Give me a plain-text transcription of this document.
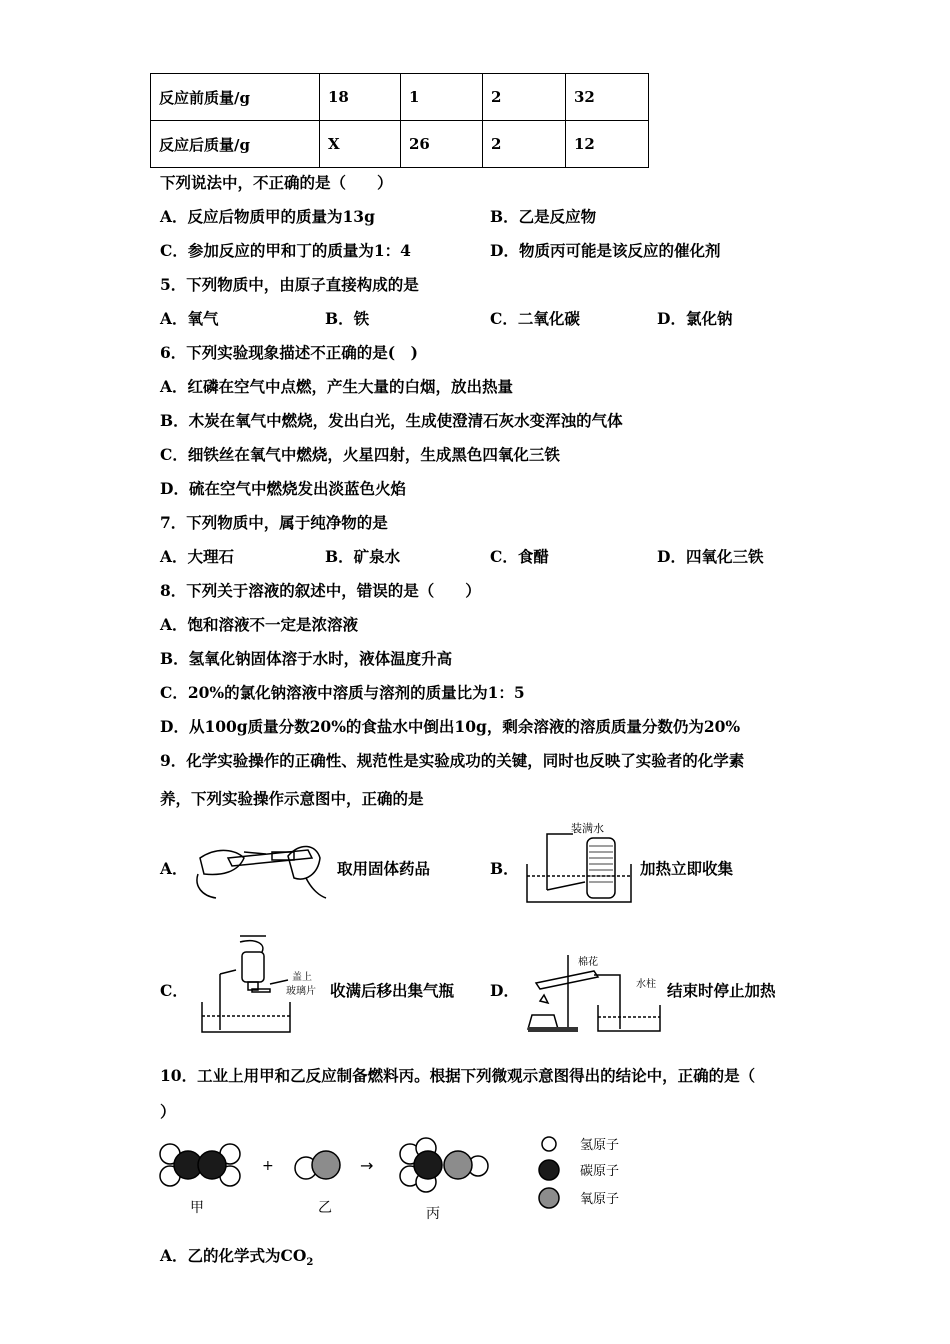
反应前质量/g	18	1	2	32
反应后质量/g	X	26	2	12
下列说法中，不正确的是（　　）
A．反应后物质甲的质量为13g	B．乙是反应物
C．参加反应的甲和丁的质量为1：4	D．物质丙可能是该反应的催化剂
5．下列物质中，由原子直接构成的是
A．氧气	B．铁	C．二氧化碳	D．氯化钠
6．下列实验现象描述不正确的是(　)
A．红磷在空气中点燃，产生大量的白烟，放出热量
B．木炭在氧气中燃烧，发出白光，生成使澄清石灰水变浑浊的气体
C．细铁丝在氧气中燃烧，火星四射，生成黑色四氧化三铁
D．硫在空气中燃烧发出淡蓝色火焰
7．下列物质中，属于纯净物的是
A．大理石	B．矿泉水	C．食醋	D．四氧化三铁
8．下列关于溶液的叙述中，错误的是（　　）
A．饱和溶液不一定是浓溶液
B．氢氧化钠固体溶于水时，液体温度升高
C．20%的氯化钠溶液中溶质与溶剂的质量比为1：5
D．从100g质量分数20%的食盐水中倒出10g，剩余溶液的溶质质量分数仍为20%
9．化学实验操作的正确性、规范性是实验成功的关键，同时也反映了实验者的化学素
养，下列实验操作示意图中，正确的是
A．	取用固体药品	B．
装满水
加热立即收集
C．
盖上
玻璃片 收满后移出集气瓶 D．
棉花
水柱 结束时停止加热
10．工业上用甲和乙反应制备燃料丙。根据下列微观示意图得出的结论中，正确的是（
）
+	→
甲	乙	丙
氢原子
碳原子
氧原子
A．乙的化学式为$CO_2$
